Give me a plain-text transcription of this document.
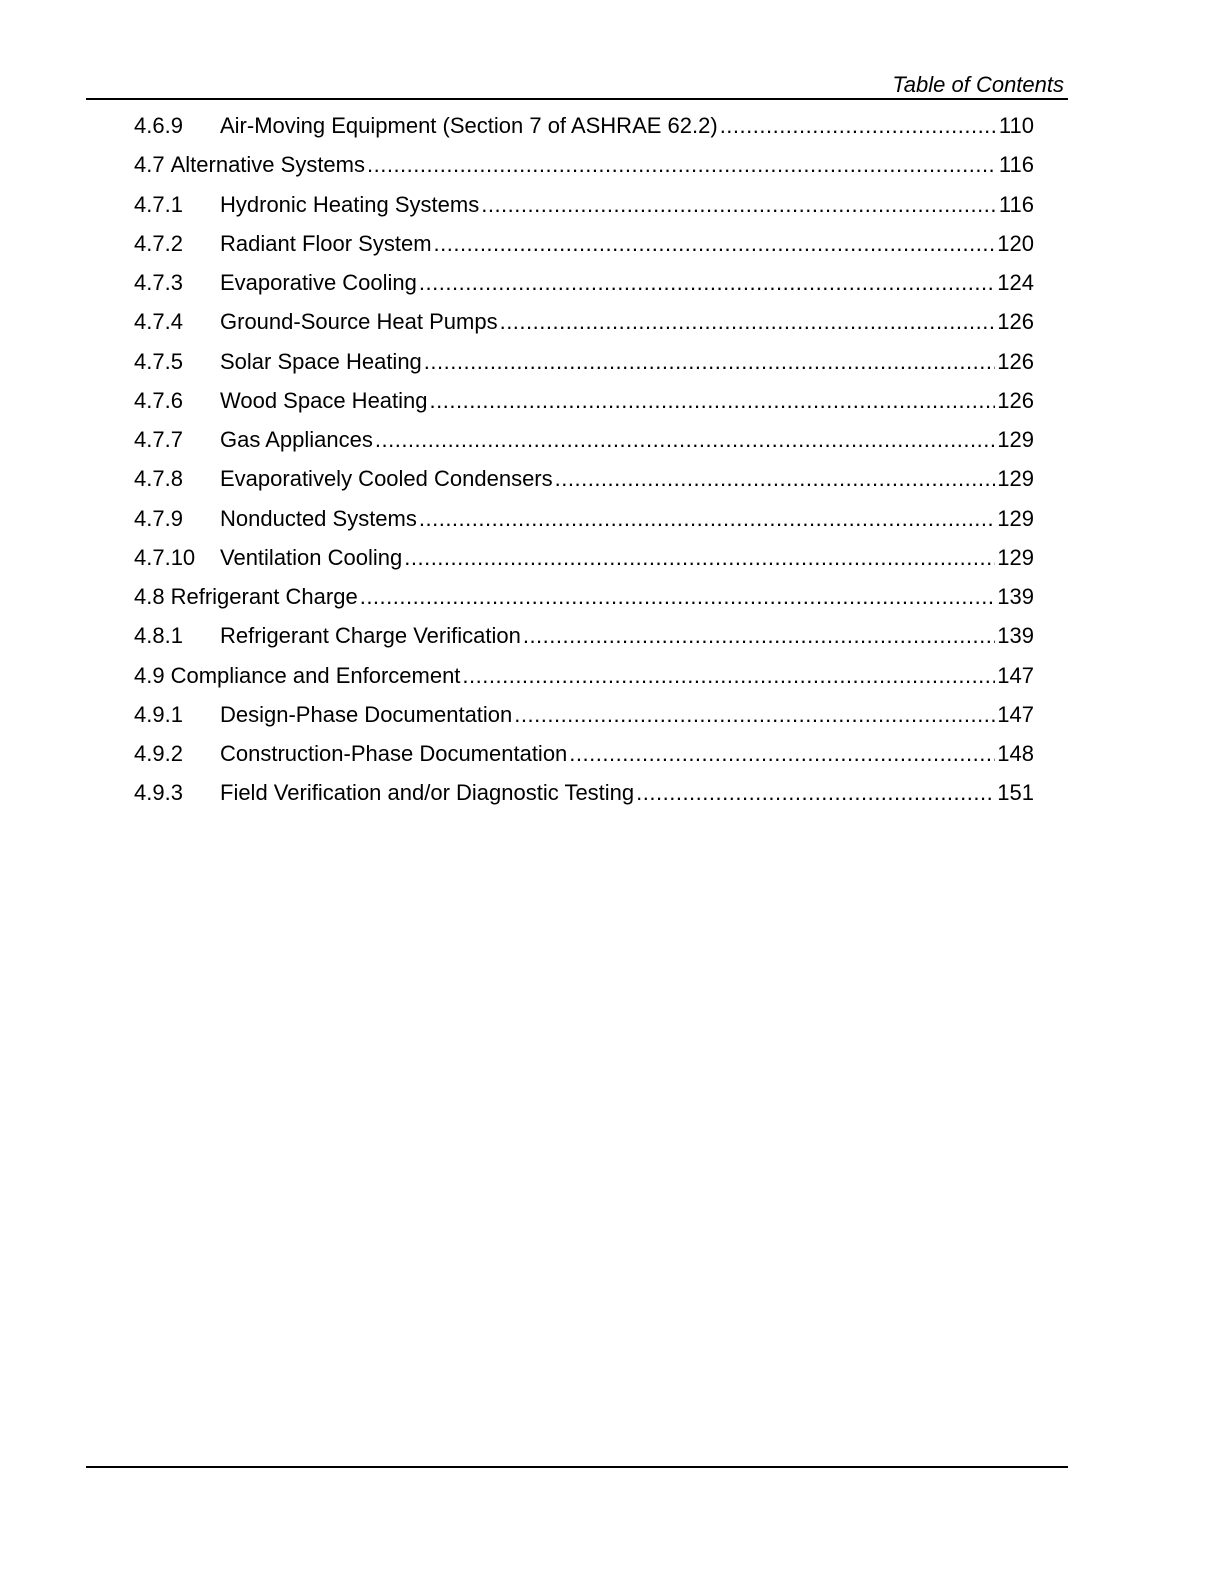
Table of Contents
4.6.9	Air-Moving Equipment (Section 7 of ASHRAE 62.2) .....	110
4.7 Alternative Systems .....	116
4.7.1	Hydronic Heating Systems .....	116
4.7.2	Radiant Floor System .....	120
4.7.3	Evaporative Cooling .....	124
4.7.4	Ground-Source Heat Pumps .....	126
4.7.5	Solar Space Heating .....	126
4.7.6	Wood Space Heating .....	126
4.7.7	Gas Appliances .....	129
4.7.8	Evaporatively Cooled Condensers .....	129
4.7.9	Nonducted Systems .....	129
4.7.10	Ventilation Cooling .....	129
4.8 Refrigerant Charge .....	139
4.8.1	Refrigerant Charge Verification .....	139
4.9 Compliance and Enforcement .....	147
4.9.1	Design-Phase Documentation .....	147
4.9.2	Construction-Phase Documentation .....	148
4.9.3	Field Verification and/or Diagnostic Testing .....	151
